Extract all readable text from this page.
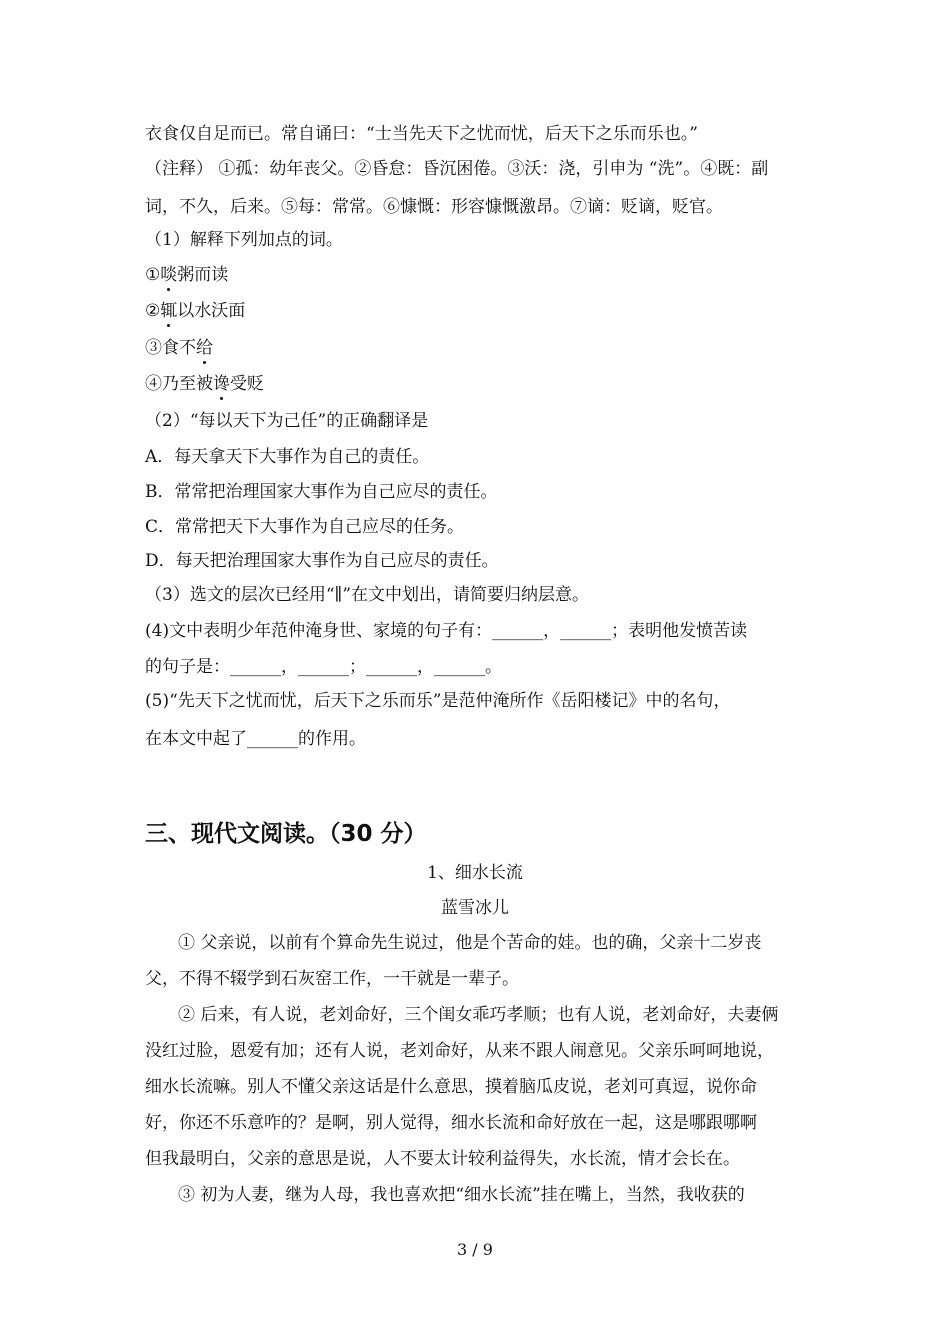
衣食仅自足而已。常自诵曰：“士当先天下之忧而忧，后天下之乐而乐也。”
（注释） ①孤：幼年丧父。②昏怠：昏沉困倦。③沃：浇，引申为 “洗”。④既：副
词，不久，后来。⑤每：常常。⑥慷慨：形容慷慨激昂。⑦谪：贬谪，贬官。
（1）解释下列加点的词。
①啖粥而读
②辄以水沃面
③食不给
④乃至被谗受贬
（2）“每以天下为己任”的正确翻译是
A．每天拿天下大事作为自己的责任。
B．常常把治理国家大事作为自己应尽的责任。
C．常常把天下大事作为自己应尽的任务。
D．每天把治理国家大事作为自己应尽的责任。
（3）选文的层次已经用“∥”在文中划出，请简要归纳层意。
(4)文中表明少年范仲淹身世、家境的句子有：______，______；表明他发愤苦读
的句子是：______，______；______，______。
(5)“先天下之忧而忧，后天下之乐而乐”是范仲淹所作《岳阳楼记》中的名句，
在本文中起了______的作用。
三、现代文阅读。（30 分）
1、细水长流
蓝雪冰儿
① 父亲说，以前有个算命先生说过，他是个苦命的娃。也的确，父亲十二岁丧
父，不得不辍学到石灰窑工作，一干就是一辈子。
② 后来，有人说，老刘命好，三个闺女乖巧孝顺；也有人说，老刘命好，夫妻俩
没红过脸，恩爱有加；还有人说，老刘命好，从来不跟人闹意见。父亲乐呵呵地说，
细水长流嘛。别人不懂父亲这话是什么意思，摸着脑瓜皮说，老刘可真逗，说你命
好，你还不乐意咋的？是啊，别人觉得，细水长流和命好放在一起，这是哪跟哪啊
但我最明白，父亲的意思是说，人不要太计较利益得失，水长流，情才会长在。
③ 初为人妻，继为人母，我也喜欢把“细水长流”挂在嘴上，当然，我收获的
3 / 9
